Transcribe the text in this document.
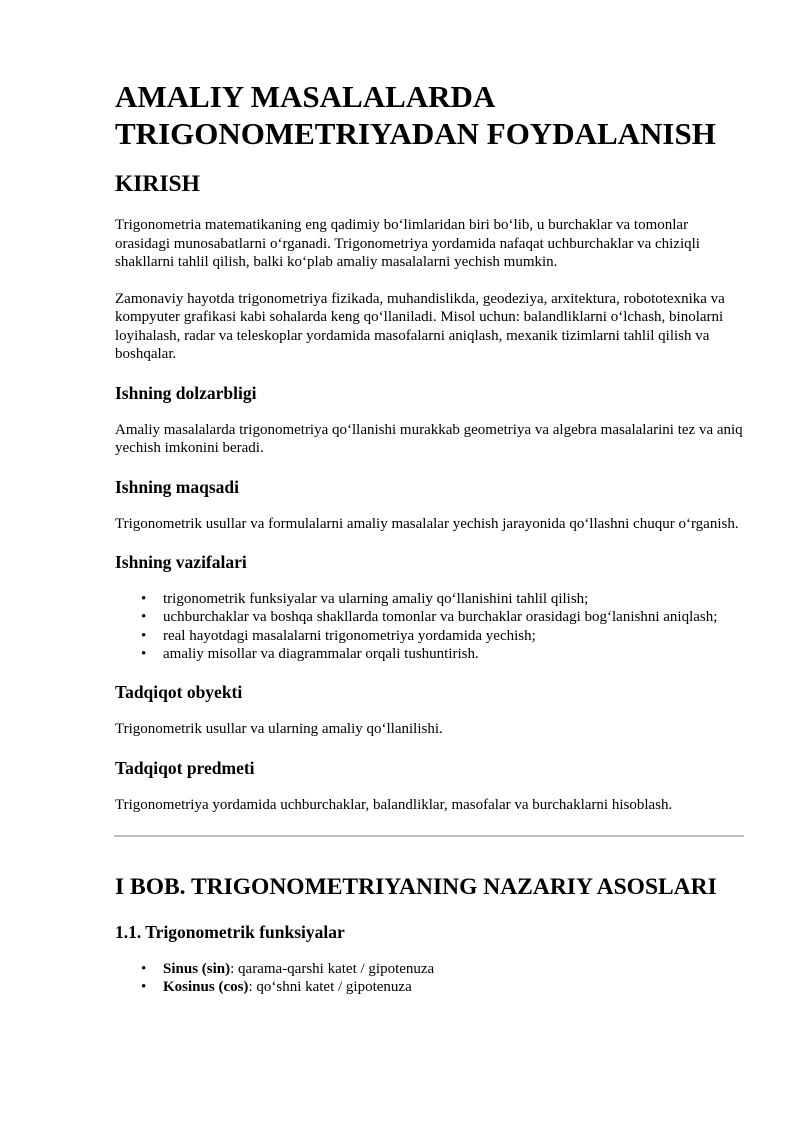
AMALIY MASALALARDA TRIGONOMETRIYADAN FOYDALANISH
KIRISH

Trigonometria matematikaning eng qadimiy boʻlimlaridan biri boʻlib, u burchaklar va tomonlar orasidagi munosabatlarni oʻrganadi. Trigonometriya yordamida nafaqat uchburchaklar va chiziqli shakllarni tahlil qilish, balki koʻplab amaliy masalalarni yechish mumkin.

Zamonaviy hayotda trigonometriya fizikada, muhandislikda, geodeziya, arxitektura, robototexnika va kompyuter grafikasi kabi sohalarda keng qoʻllaniladi. Misol uchun: balandliklarni oʻlchash, binolarni loyihalash, radar va teleskoplar yordamida masofalarni aniqlash, mexanik tizimlarni tahlil qilish va boshqalar.

Ishning dolzarbligi

Amaliy masalalarda trigonometriya qoʻllanishi murakkab geometriya va algebra masalalarini tez va aniq yechish imkonini beradi.

Ishning maqsadi

Trigonometrik usullar va formulalarni amaliy masalalar yechish jarayonida qoʻllashni chuqur oʻrganish.

Ishning vazifalari
• trigonometrik funksiyalar va ularning amaliy qoʻllanishini tahlil qilish;
• uchburchaklar va boshqa shakllarda tomonlar va burchaklar orasidagi bogʻlanishni aniqlash;
• real hayotdagi masalalarni trigonometriya yordamida yechish;
• amaliy misollar va diagrammalar orqali tushuntirish.
Tadqiqot obyekti

Trigonometrik usullar va ularning amaliy qoʻllanilishi.

Tadqiqot predmeti

Trigonometriya yordamida uchburchaklar, balandliklar, masofalar va burchaklarni hisoblash.

I BOB. TRIGONOMETRIYANING NAZARIY ASOSLARI
1.1. Trigonometrik funksiyalar
• Sinus (sin): qarama-qarshi katet / gipotenuza
• Kosinus (cos): qoʻshni katet / gipotenuza
